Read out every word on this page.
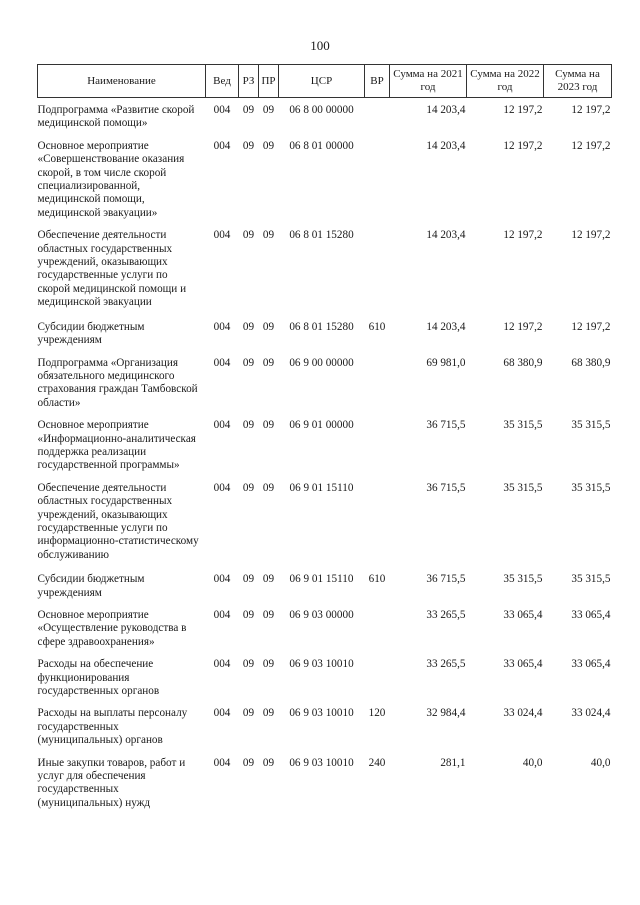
100
Наименование	Вед	РЗ	ПР	ЦСР	ВР	Сумма на 2021 год	Сумма на 2022 год	Сумма на 2023 год
Подпрограмма «Развитие скорой медицинской помощи»	004	09	09	06 8 00 00000		14 203,4	12 197,2	12 197,2
Основное мероприятие «Совершенствование оказания скорой, в том числе скорой специализированной, медицинской помощи, медицинской эвакуации»	004	09	09	06 8 01 00000		14 203,4	12 197,2	12 197,2
Обеспечение деятельности областных государственных учреждений, оказывающих государственные услуги по скорой медицинской помощи и медицинской эвакуации	004	09	09	06 8 01 15280		14 203,4	12 197,2	12 197,2
Субсидии бюджетным учреждениям	004	09	09	06 8 01 15280	610	14 203,4	12 197,2	12 197,2
Подпрограмма «Организация обязательного медицинского страхования граждан Тамбовской области»	004	09	09	06 9 00 00000		69 981,0	68 380,9	68 380,9
Основное мероприятие «Информационно-аналитическая поддержка реализации государственной программы»	004	09	09	06 9 01 00000		36 715,5	35 315,5	35 315,5
Обеспечение деятельности областных государственных учреждений, оказывающих государственные услуги по информационно-статистическому обслуживанию	004	09	09	06 9 01 15110		36 715,5	35 315,5	35 315,5
Субсидии бюджетным учреждениям	004	09	09	06 9 01 15110	610	36 715,5	35 315,5	35 315,5
Основное мероприятие «Осуществление руководства в сфере здравоохранения»	004	09	09	06 9 03 00000		33 265,5	33 065,4	33 065,4
Расходы на обеспечение функционирования государственных органов	004	09	09	06 9 03 10010		33 265,5	33 065,4	33 065,4
Расходы на выплаты персоналу государственных (муниципальных) органов	004	09	09	06 9 03 10010	120	32 984,4	33 024,4	33 024,4
Иные закупки товаров, работ и услуг для обеспечения государственных (муниципальных) нужд	004	09	09	06 9 03 10010	240	281,1	40,0	40,0
